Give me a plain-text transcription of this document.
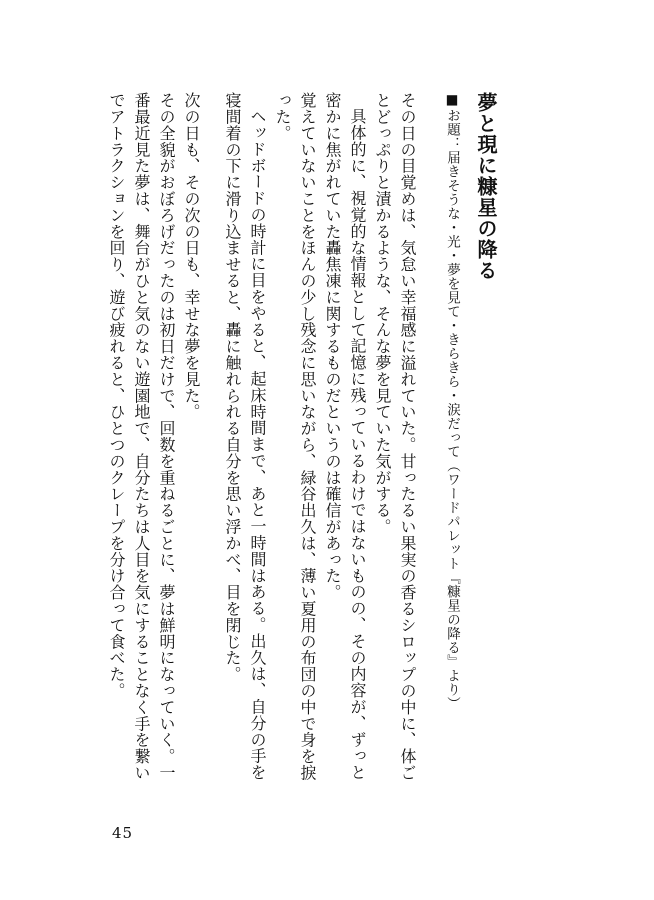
夢と現に糠星の降る
■お題：届きそうな・光・夢を見て・きらきら・涙だって（ワードパレット『糠星の降る』より）

その日の目覚めは、気怠い幸福感に溢れていた。甘ったるい果実の香るシロップの中に、体ごとどっぷりと漬かるような、そんな夢を見ていた気がする。

具体的に、視覚的な情報として記憶に残っているわけではないものの、その内容が、ずっと密かに焦がれていた轟焦凍に関するものだというのは確信があった。

覚えていないことをほんの少し残念に思いながら、緑谷出久は、薄い夏用の布団の中で身を捩った。

ヘッドボードの時計に目をやると、起床時間まで、あと一時間はある。出久は、自分の手を寝間着の下に滑り込ませると、轟に触れられる自分を思い浮かべ、目を閉じた。

次の日も、その次の日も、幸せな夢を見た。

その全貌がおぼろげだったのは初日だけで、回数を重ねるごとに、夢は鮮明になっていく。一番最近見た夢は、舞台がひと気のない遊園地で、自分たちは人目を気にすることなく手を繋いでアトラクションを回り、遊び疲れると、ひとつのクレープを分け合って食べた。

45
